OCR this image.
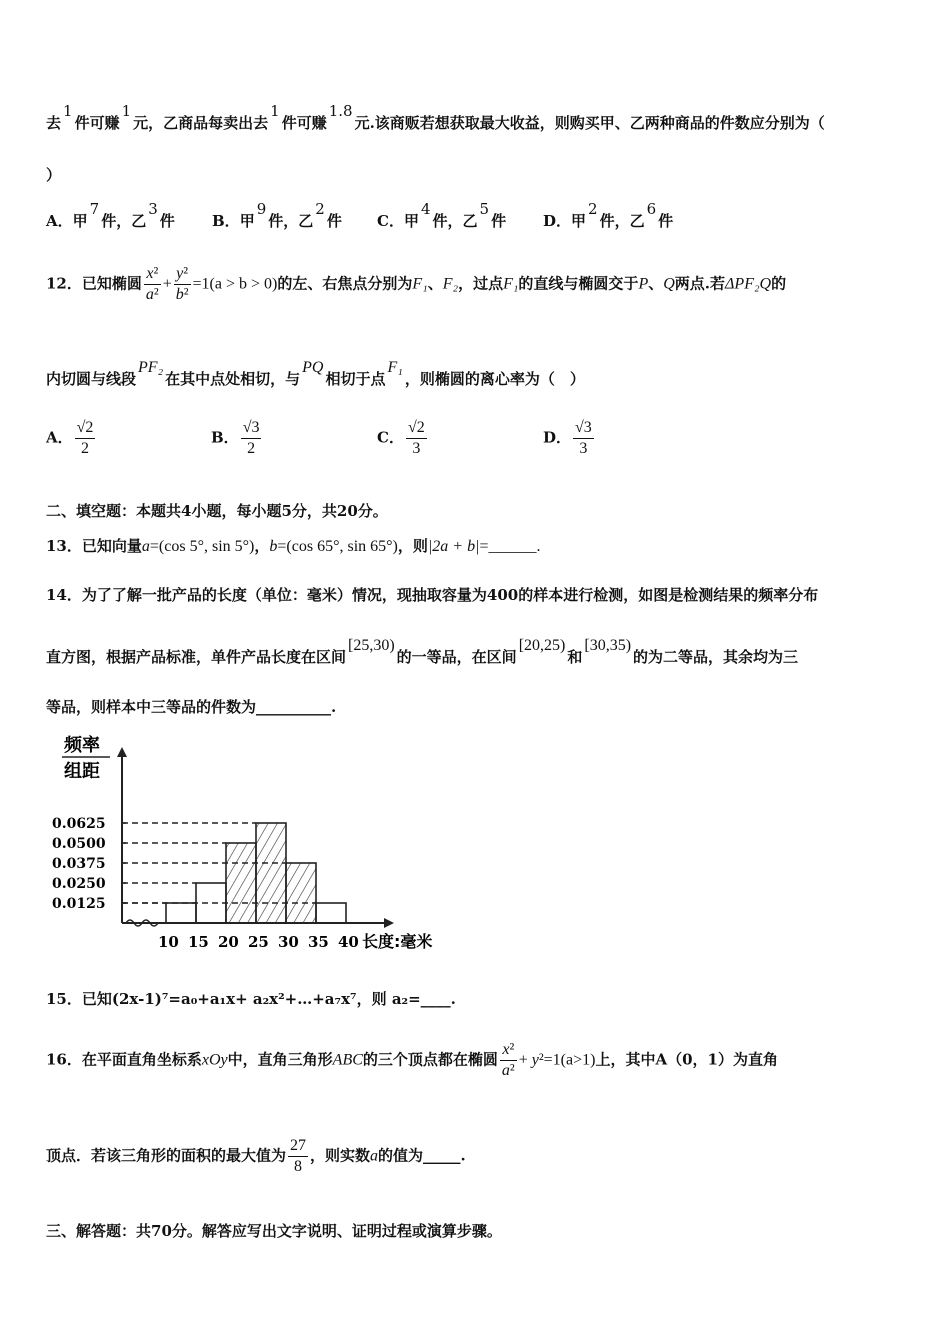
去1件可赚1元，乙商品每卖出去1件可赚1.8元.该商贩若想获取最大收益，则购买甲、乙两种商品的件数应分别为（
）
A．甲7件，乙3件 B．甲9件，乙2件 C．甲4件，乙5件 D．甲2件，乙6件
12．已知椭圆 $\frac{\text{x²}}{\text{a²}} + \frac{\text{y²}}{\text{b²}} =1(a > b > 0)$的左、右焦点分别为F₁、F₂，过点F₁的直线与椭圆交于P、Q两点.若ΔPF₂Q的
内切圆与线段PF₂在其中点处相切，与PQ相切于点F₁，则椭圆的离心率为（　）
A． $\frac{√2}{2}$	B． $\frac{√3}{2}$	C． $\frac{√2}{3}$	D． $\frac{√3}{3}$
二、填空题：本题共4小题，每小题5分，共20分。
13．已知向量a=(cos 5°, sin 5°)，b=(cos 65°, sin 65°)，则|2a + b|=______.
14．为了了解一批产品的长度（单位：毫米）情况，现抽取容量为400的样本进行检测，如图是检测结果的频率分布
直方图，根据产品标准，单件产品长度在区间[25,30)的一等品，在区间[20,25)和[30,35)的为二等品，其余均为三
等品，则样本中三等品的件数为__________.
频率
组距
0.0625
0.0500
0.0375
0.0250
0.0125
10 15 20 25 30 35 40 长度:毫米
15．已知(2x-1)⁷=a₀+a₁x+ a₂x²+…+a₇x⁷，则 a₂=____.
16．在平面直角坐标系xOy中，直角三角形ABC的三个顶点都在椭圆 $\frac{\text{x²}}{\text{a²}} + y^2=1(a>1)$上，其中A（0，1）为直角
顶点．若该三角形的面积的最大值为 $\frac{27}{8}$ ，则实数a的值为_____.
三、解答题：共70分。解答应写出文字说明、证明过程或演算步骤。
